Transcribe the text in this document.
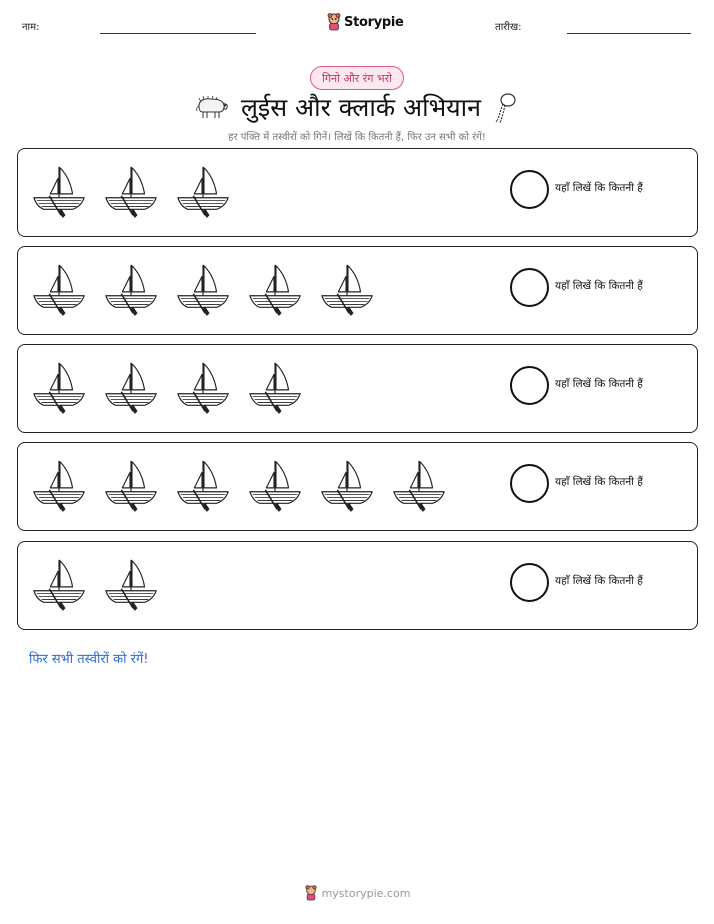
नाम:	Storypie	तारीख:
गिनो और रंग भरो
लुईस और क्लार्क अभियान
हर पंक्ति में तस्वीरों को गिनें। लिखें कि कितनी हैं, फिर उन सभी को रंगें!
यहाँ लिखें कि कितनी हैं
यहाँ लिखें कि कितनी हैं
यहाँ लिखें कि कितनी हैं
यहाँ लिखें कि कितनी हैं
यहाँ लिखें कि कितनी हैं
फिर सभी तस्वीरों को रंगें!
mystorypie.com
